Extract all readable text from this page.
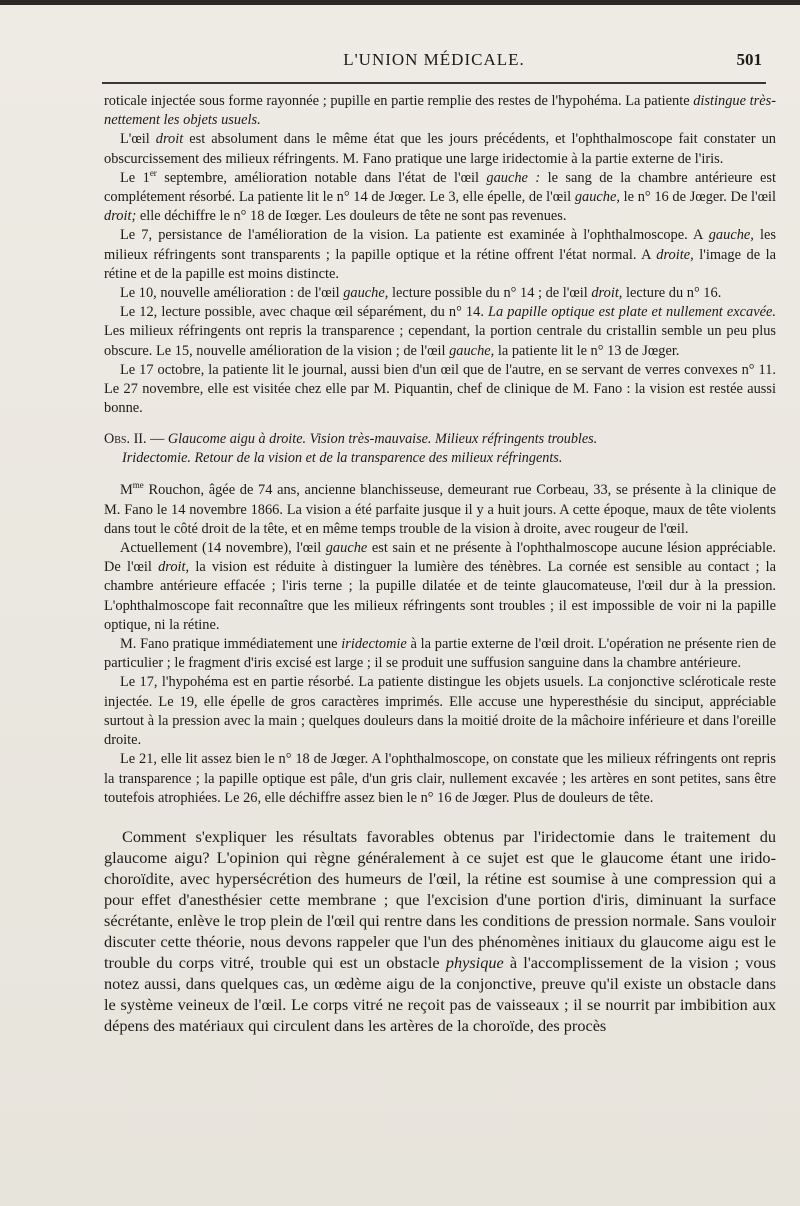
L'UNION MÉDICALE.	501

roticale injectée sous forme rayonnée ; pupille en partie remplie des restes de l'hypohéma. La patiente distingue très-nettement les objets usuels.

L'œil droit est absolument dans le même état que les jours précédents, et l'ophthalmoscope fait constater un obscurcissement des milieux réfringents. M. Fano pratique une large iridectomie à la partie externe de l'iris.

Le 1er septembre, amélioration notable dans l'état de l'œil gauche : le sang de la chambre antérieure est complétement résorbé. La patiente lit le n° 14 de Jœger. Le 3, elle épelle, de l'œil gauche, le n° 16 de Jœger. De l'œil droit; elle déchiffre le n° 18 de Iœger. Les douleurs de tête ne sont pas revenues.

Le 7, persistance de l'amélioration de la vision. La patiente est examinée à l'ophthalmoscope. A gauche, les milieux réfringents sont transparents ; la papille optique et la rétine offrent l'état normal. A droite, l'image de la rétine et de la papille est moins distincte.

Le 10, nouvelle amélioration : de l'œil gauche, lecture possible du n° 14 ; de l'œil droit, lecture du n° 16.

Le 12, lecture possible, avec chaque œil séparément, du n° 14. La papille optique est plate et nullement excavée. Les milieux réfringents ont repris la transparence ; cependant, la portion centrale du cristallin semble un peu plus obscure. Le 15, nouvelle amélioration de la vision ; de l'œil gauche, la patiente lit le n° 13 de Jœger.

Le 17 octobre, la patiente lit le journal, aussi bien d'un œil que de l'autre, en se servant de verres convexes n° 11. Le 27 novembre, elle est visitée chez elle par M. Piquantin, chef de clinique de M. Fano : la vision est restée aussi bonne.

Obs. II. — Glaucome aigu à droite. Vision très-mauvaise. Milieux réfringents troubles.
Iridectomie. Retour de la vision et de la transparence des milieux réfringents.

$M^{me}$ Rouchon, âgée de 74 ans, ancienne blanchisseuse, demeurant rue Corbeau, 33, se présente à la clinique de M. Fano le 14 novembre 1866. La vision a été parfaite jusque il y a huit jours. A cette époque, maux de tête violents dans tout le côté droit de la tête, et en même temps trouble de la vision à droite, avec rougeur de l'œil.

Actuellement (14 novembre), l'œil gauche est sain et ne présente à l'ophthalmoscope aucune lésion appréciable. De l'œil droit, la vision est réduite à distinguer la lumière des ténèbres. La cornée est sensible au contact ; la chambre antérieure effacée ; l'iris terne ; la pupille dilatée et de teinte glaucomateuse, l'œil dur à la pression. L'ophthalmoscope fait reconnaître que les milieux réfringents sont troubles ; il est impossible de voir ni la papille optique, ni la rétine.

M. Fano pratique immédiatement une iridectomie à la partie externe de l'œil droit. L'opération ne présente rien de particulier ; le fragment d'iris excisé est large ; il se produit une suffusion sanguine dans la chambre antérieure.

Le 17, l'hypohéma est en partie résorbé. La patiente distingue les objets usuels. La conjonctive scléroticale reste injectée. Le 19, elle épelle de gros caractères imprimés. Elle accuse une hyperesthésie du sinciput, appréciable surtout à la pression avec la main ; quelques douleurs dans la moitié droite de la mâchoire inférieure et dans l'oreille droite.

Le 21, elle lit assez bien le n° 18 de Jœger. A l'ophthalmoscope, on constate que les milieux réfringents ont repris la transparence ; la papille optique est pâle, d'un gris clair, nullement excavée ; les artères en sont petites, sans être toutefois atrophiées. Le 26, elle déchiffre assez bien le n° 16 de Jœger. Plus de douleurs de tête.

Comment s'expliquer les résultats favorables obtenus par l'iridectomie dans le traitement du glaucome aigu? L'opinion qui règne généralement à ce sujet est que le glaucome étant une irido-choroïdite, avec hypersécrétion des humeurs de l'œil, la rétine est soumise à une compression qui a pour effet d'anesthésier cette membrane ; que l'excision d'une portion d'iris, diminuant la surface sécrétante, enlève le trop plein de l'œil qui rentre dans les conditions de pression normale. Sans vouloir discuter cette théorie, nous devons rappeler que l'un des phénomènes initiaux du glaucome aigu est le trouble du corps vitré, trouble qui est un obstacle physique à l'accomplissement de la vision ; vous notez aussi, dans quelques cas, un œdème aigu de la conjonctive, preuve qu'il existe un obstacle dans le système veineux de l'œil. Le corps vitré ne reçoit pas de vaisseaux ; il se nourrit par imbibition aux dépens des matériaux qui circulent dans les artères de la choroïde, des procès
